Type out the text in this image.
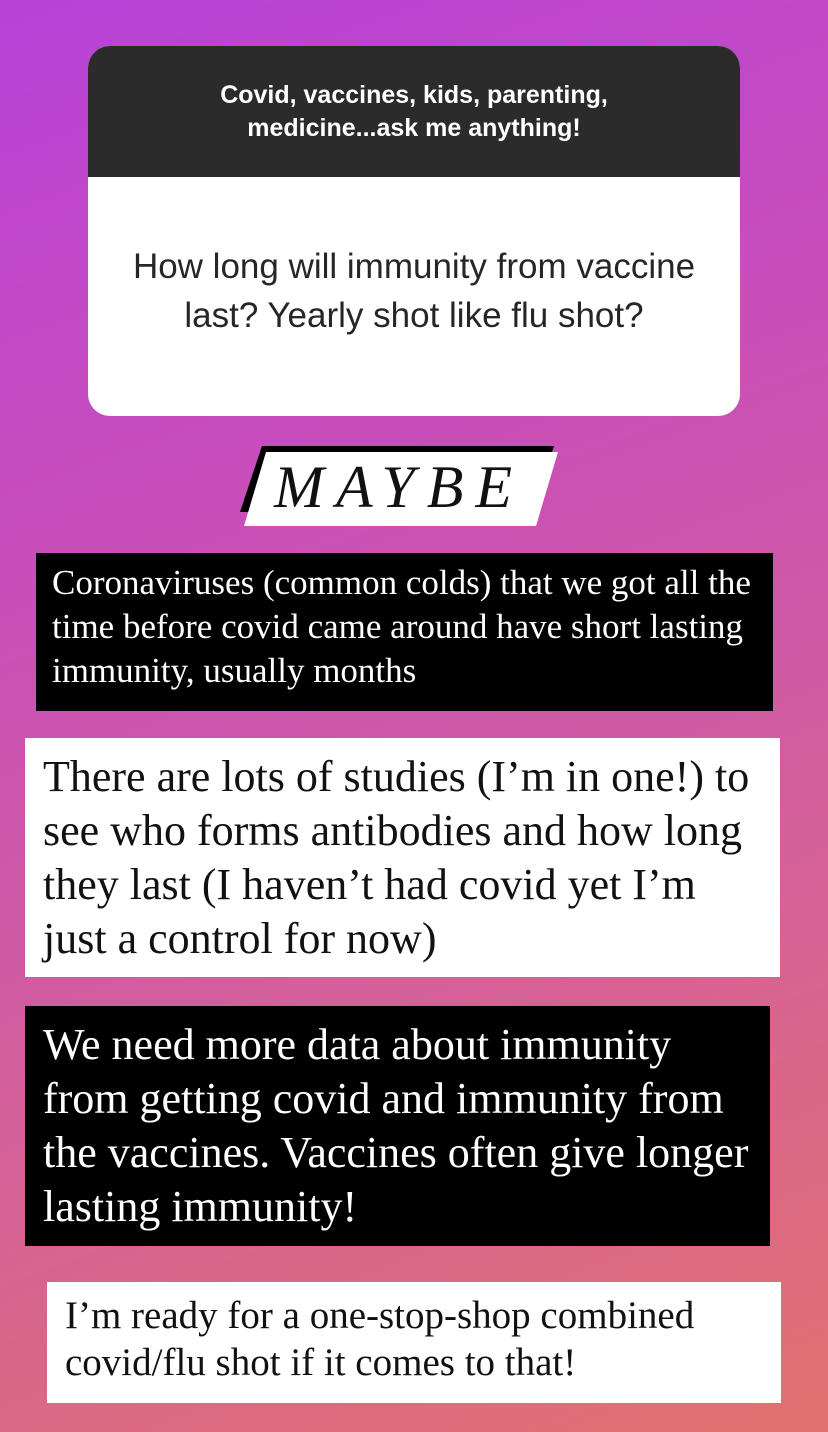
Covid, vaccines, kids, parenting, medicine...ask me anything!
How long will immunity from vaccine last? Yearly shot like flu shot?
MAYBE
Coronaviruses (common colds) that we got all the time before covid came around have short lasting immunity, usually months
There are lots of studies (I’m in one!) to see who forms antibodies and how long they last (I haven’t had covid yet I’m just a control for now)
We need more data about immunity from getting covid and immunity from the vaccines. Vaccines often give longer lasting immunity!
I’m ready for a one-stop-shop combined covid/flu shot if it comes to that!
